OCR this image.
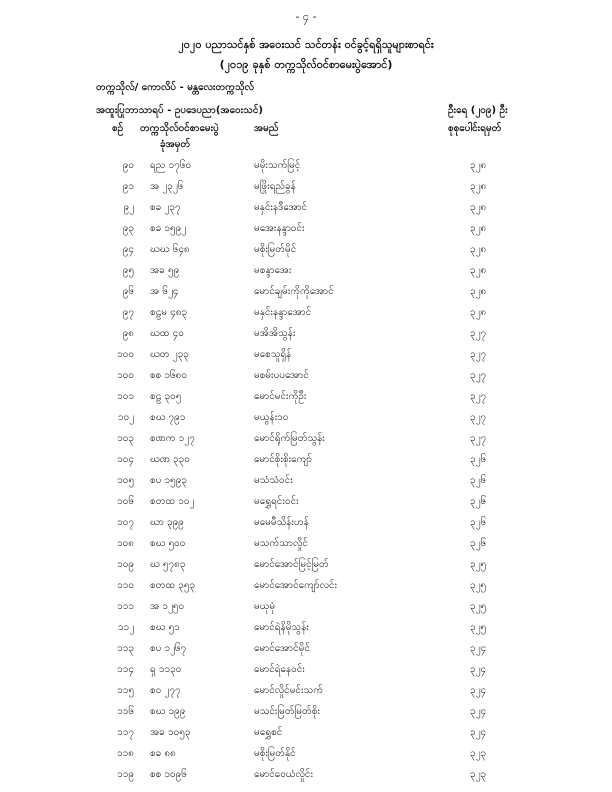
- ၄ -
၂၀၂၀ ပညာသင်နှစ် အဝေးသင် သင်တန်း ဝင်ခွင့်ရရှိသူများစာရင်း
(၂၀၁၉ ခုနှစ် တက္ကသိုလ်ဝင်စာမေးပွဲအောင်)
တက္ကသိုလ်/ ကောလိပ် - မန္တလေးတက္ကသိုလ်
အထူးပြုဘာသာရပ် - ဥပဒေပညာ(အဝေးသင်)	ဦးရေ (၂၀၉) ဦး
စဉ် တက္ကသိုလ်ဝင်စာမေးပွဲ
ခုံအမှတ်
အမည်	စုစုပေါင်းရမှတ်
၉၀ ရည ၁၇၆၀	မမိုးသက်မြင့်	၃၂၈
၉၁ အ ၂၃၂၆	မဖြိုးရည်ခွန်	၃၂၈
၉၂ စခ ၂၃၇	မနှင်းနဒီအောင်	၃၂၈
၉၃ စခ ၁၅၉၂	မအေးနန္ဒာဝင်း	၃၂၈
၉၄ ဃဃ ၆၄၈	မစိုးမြတ်မိုင်	၃၂၈
၉၅ အခ ၅၉	မစန္ဒာအေး	၃၂၈
၉၆ အ ၆၂၄	မောင်ချမ်းကိုကိုအောင်	၃၂၈
၉၇ စဠမ ၄၈၃	မနှင်းနန္ဒာအောင်	၃၂၈
၉၈ ဃထ ၄၀	မအိအိသွန်း	၃၂၇
၁၀၀ ဃတ ၂၃၃	မစေသူရှိန်	၃၂၇
၁၀၀ စစ ၁၆၈၀	မစမ်းပပအောင်	၃၂၇
၁၀၁ စဠ ၃၀၅	မောင်မင်းကိုဦး	၃၂၇
၁၀၂ စဃ ၇၉၁	မယွန်း၁၀	၃၂၇
၁၀၃ စဏက ၁၂၇	မောင်ရိုက်မြတ်သွန်း	၃၂၇
၁၀၄ ဃဏ ၃၃၀	မောင်စိုးစိုးကျော်	၃၂၆
၁၀၅ စပ ၁၅၉၃	မသံသံဝင်း	၃၂၆
၁၀၆ စတထ ၁၀၂	မရွှေရင်းဝင်း	၃၂၆
၁၀၇ ဃာ ၃၉၉	မမေမီသိန်းဟန်	၃၂၆
၁၀၈ စဃ ၅၀၀	မသက်သာလှိုင်	၃၂၆
၁၀၉ ဃ ၅၇၈၃	မောင်အောင်မြင့်မြတ်	၃၂၅
၁၁၀ စတထ ၃၅၃	မောင်အောင်ကျော်လင်း	၃၂၅
၁၁၁ အ ၁၂၅၀	မယုမုံ	၃၂၅
၁၁၂ စဃ ၅၁	မောင်ရဲနိမိုသွန်း	၃၂၅
၁၁၃ စပ ၁၂၆၇	မောင်အောင်မိုင်	၃၂၄
၁၁၄ ရှ ၁၁၃၀	မောင်ရဲနေဝင်း	၃၂၄
၁၁၅ စဝ ၂၇၇	မောင်လှိုင်မင်းသက်	၃၂၄
၁၁၆ စဃ ၁၉၉	မသင်းမြတ်မြတ်စိုး	၃၂၄
၁၁၇ အခ ၁၀၅၃	မရွှေစင်	၃၂၄
၁၁၈ စခ ၈၈	မစိုးမြတ်နိုင်	၃၂၃
၁၁၉ စစ ၁၀၉၆	မောင်ဝေယံလှိုင်း	၃၂၃
